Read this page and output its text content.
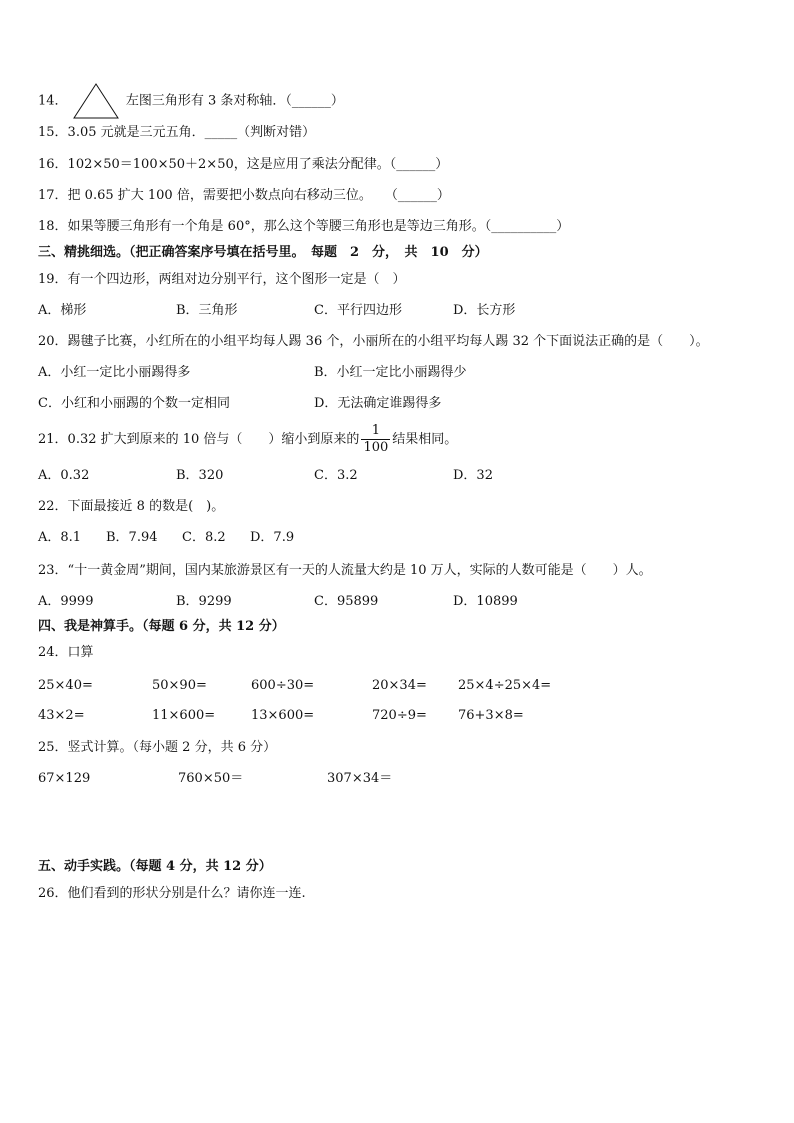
14．	左图三角形有 3 条对称轴．（______）
15．3.05 元就是三元五角．_____（判断对错）
16．102×50＝100×50＋2×50，这是应用了乘法分配律。（______）
17．把 0.65 扩大 100 倍，需要把小数点向右移动三位。　　（______）
18．如果等腰三角形有一个角是 60°，那么这个等腰三角形也是等边三角形。（__________）
三、精挑细选。（把正确答案序号填在括号里。　每题　2　分，　共　10　分）
19．有一个四边形，两组对边分别平行，这个图形一定是（　）
A．梯形	B．三角形	C．平行四边形	D．长方形
20．踢毽子比赛，小红所在的小组平均每人踢 36 个，小丽所在的小组平均每人踢 32 个下面说法正确的是（　　）。
A．小红一定比小丽踢得多	B．小红一定比小丽踢得少
C．小红和小丽踢的个数一定相同	D．无法确定谁踢得多
21．0.32 扩大到原来的 10 倍与（　　）缩小到原来的 $\frac{1}{100}$ 结果相同。
A．0.32	B．320	C．3.2	D．32
22．下面最接近 8 的数是(　)。
A．8.1 B．7.94 C．8.2 D．7.9
23．“十一黄金周”期间，国内某旅游景区有一天的人流量大约是 10 万人，实际的人数可能是（　　）人。
A．9999	B．9299	C．95899	D．10899
四、我是神算手。（每题 6 分，共 12 分）
24．口算
25×40=	50×90=	600÷30=	20×34= 25×4÷25×4=
43×2=	11×600=	13×600=	720÷9= 76+3×8=
25．竖式计算。（每小题 2 分，共 6 分）
67×129	760×50＝	307×34＝
五、动手实践。（每题 4 分，共 12 分）
26．他们看到的形状分别是什么？请你连一连.
